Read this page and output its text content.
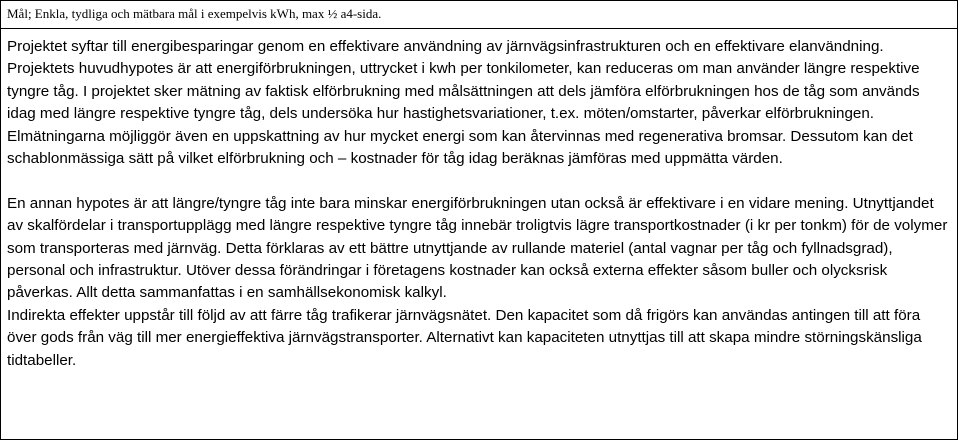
Mål; Enkla, tydliga och mätbara mål i exempelvis kWh, max ½ a4-sida.

Projektet syftar till energibesparingar genom en effektivare användning av järnvägsinfrastrukturen och en effektivare elanvändning. Projektets huvudhypotes är att energiförbrukningen, uttrycket i kwh per tonkilometer, kan reduceras om man använder längre respektive tyngre tåg. I projektet sker mätning av faktisk elförbrukning med målsättningen att dels jämföra elförbrukningen hos de tåg som används idag med längre respektive tyngre tåg, dels undersöka hur hastighetsvariationer, t.ex. möten/omstarter, påverkar elförbrukningen. Elmätningarna möjliggör även en uppskattning av hur mycket energi som kan återvinnas med regenerativa bromsar. Dessutom kan det schablonmässiga sätt på vilket elförbrukning och – kostnader för tåg idag beräknas jämföras med uppmätta värden.

En annan hypotes är att längre/tyngre tåg inte bara minskar energiförbrukningen utan också är effektivare i en vidare mening. Utnyttjandet av skalfördelar i transportupplägg med längre respektive tyngre tåg innebär troligtvis lägre transportkostnader (i kr per tonkm) för de volymer som transporteras med järnväg. Detta förklaras av ett bättre utnyttjande av rullande materiel (antal vagnar per tåg och fyllnadsgrad), personal och infrastruktur. Utöver dessa förändringar i företagens kostnader kan också externa effekter såsom buller och olycksrisk påverkas. Allt detta sammanfattas i en samhällsekonomisk kalkyl.

Indirekta effekter uppstår till följd av att färre tåg trafikerar järnvägsnätet. Den kapacitet som då frigörs kan användas antingen till att föra över gods från väg till mer energieffektiva järnvägstransporter. Alternativt kan kapaciteten utnyttjas till att skapa mindre störningskänsliga tidtabeller.
